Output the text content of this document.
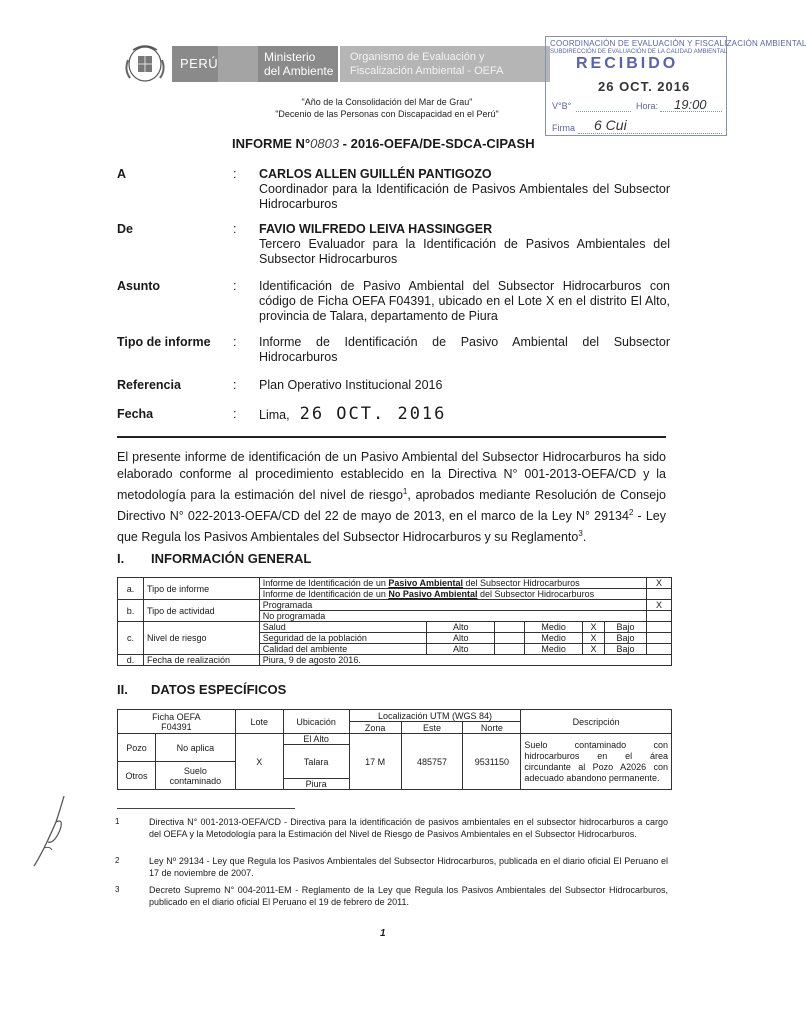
PERÚ	Ministerio
del Ambiente
Organismo de Evaluación y
Fiscalización Ambiental - OEFA
"Año de la Consolidación del Mar de Grau"
"Decenio de las Personas con Discapacidad en el Perú"
COORDINACIÓN DE EVALUACIÓN Y FISCALIZACIÓN AMBIENTAL
SUBDIRECCIÓN DE EVALUACIÓN DE LA CALIDAD AMBIENTAL
RECIBIDO
26 OCT. 2016
V°B°	Hora: 19:00
Firma 6 Cui
INFORME N°0803 - 2016-OEFA/DE-SDCA-CIPASH
A	: CARLOS ALLEN GUILLÉN PANTIGOZO
Coordinador para la Identificación de Pasivos Ambientales del Subsector Hidrocarburos
De	: FAVIO WILFREDO LEIVA HASSINGGER
Tercero Evaluador para la Identificación de Pasivos Ambientales del Subsector Hidrocarburos
Asunto	: Identificación de Pasivo Ambiental del Subsector Hidrocarburos con código de Ficha OEFA F04391, ubicado en el Lote X en el distrito El Alto, provincia de Talara, departamento de Piura
Tipo de informe : Informe de Identificación de Pasivo Ambiental del Subsector Hidrocarburos
Referencia	: Plan Operativo Institucional 2016
Fecha	: Lima, 26 OCT. 2016
El presente informe de identificación de un Pasivo Ambiental del Subsector Hidrocarburos ha sido elaborado conforme al procedimiento establecido en la Directiva N° 001-2013-OEFA/CD y la metodología para la estimación del nivel de riesgo$^1$, aprobados mediante Resolución de Consejo Directivo N° 022-2013-OEFA/CD del 22 de mayo de 2013, en el marco de la Ley N° 29134$^2$ - Ley que Regula los Pasivos Ambientales del Subsector Hidrocarburos y su Reglamento$^3$.
I. INFORMACIÓN GENERAL
a.	Tipo de informe	Informe de Identificación de un Pasivo Ambiental del Subsector Hidrocarburos						X
		Informe de Identificación de un No Pasivo Ambiental del Subsector Hidrocarburos						
b.	Tipo de actividad	Programada						X
		No programada						
c.	Nivel de riesgo	Salud	Alto		Medio	X	Bajo	
		Seguridad de la población	Alto		Medio	X	Bajo	
		Calidad del ambiente	Alto		Medio	X	Bajo	
d.	Fecha de realización	Piura, 9 de agosto 2016.						
II. DATOS ESPECÍFICOS
Ficha OEFA
F04391		Lote	Ubicación	Localización UTM (WGS 84)			Descripción
				Zona	Este	Norte	
Pozo	No aplica	X	El Alto	17 M	485757	9531150	Suelo contaminado con hidrocarburos en el área circundante al Pozo A2026 con adecuado abandono permanente.
			Talara				
Otros	Suelo contaminado						
			Piura				
1	Directiva N° 001-2013-OEFA/CD - Directiva para la identificación de pasivos ambientales en el subsector hidrocarburos a cargo del OEFA y la Metodología para la Estimación del Nivel de Riesgo de Pasivos Ambientales en el Subsector Hidrocarburos.
2	Ley Nº 29134 - Ley que Regula los Pasivos Ambientales del Subsector Hidrocarburos, publicada en el diario oficial El Peruano el 17 de noviembre de 2007.
3	Decreto Supremo N° 004-2011-EM - Reglamento de la Ley que Regula los Pasivos Ambientales del Subsector Hidrocarburos, publicado en el diario oficial El Peruano el 19 de febrero de 2011.
1
